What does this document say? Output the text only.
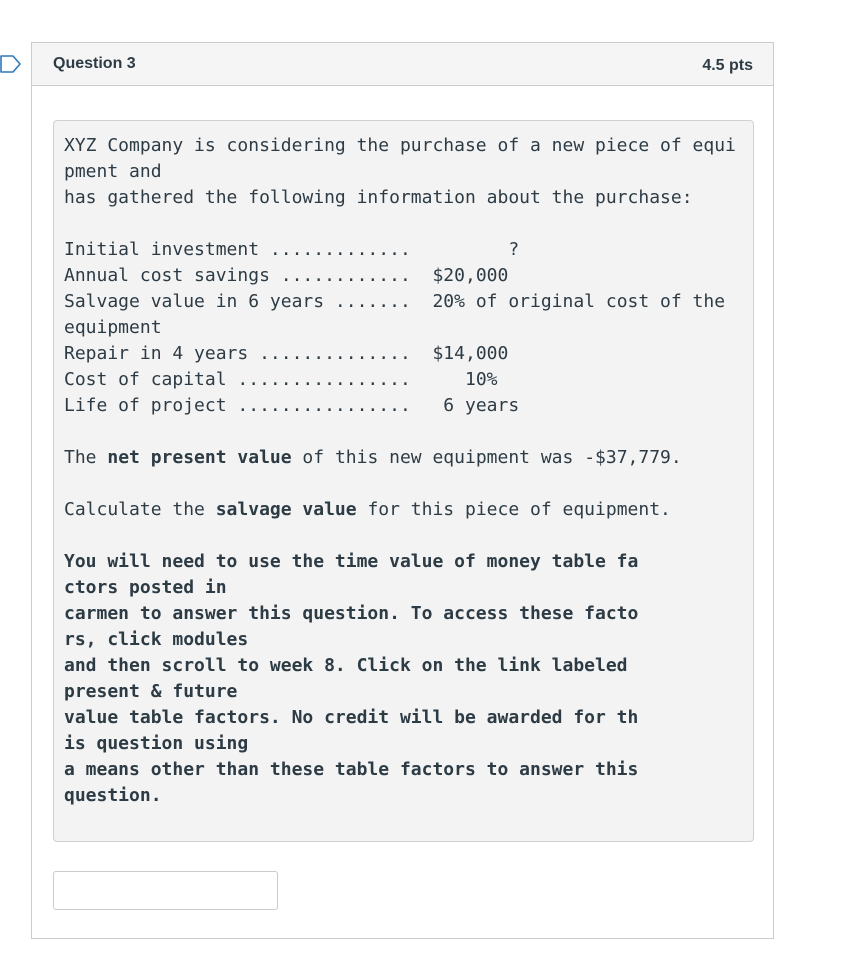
Question 3	4.5 pts
XYZ Company is considering the purchase of a new piece of equi
pment and
has gathered the following information about the purchase:
Initial investment .............	?
Annual cost savings ............ $20,000
Salvage value in 6 years ....... 20% of original cost of the
equipment
Repair in 4 years .............. $14,000
Cost of capital ................     10%
Life of project ................   6 years
The net present value of this new equipment was -$37,779.
Calculate the salvage value for this piece of equipment.
You will need to use the time value of money table fa
ctors posted in
carmen to answer this question. To access these facto
rs, click modules
and then scroll to week 8. Click on the link labeled
present & future
value table factors. No credit will be awarded for th
is question using
a means other than these table factors to answer this
question.
